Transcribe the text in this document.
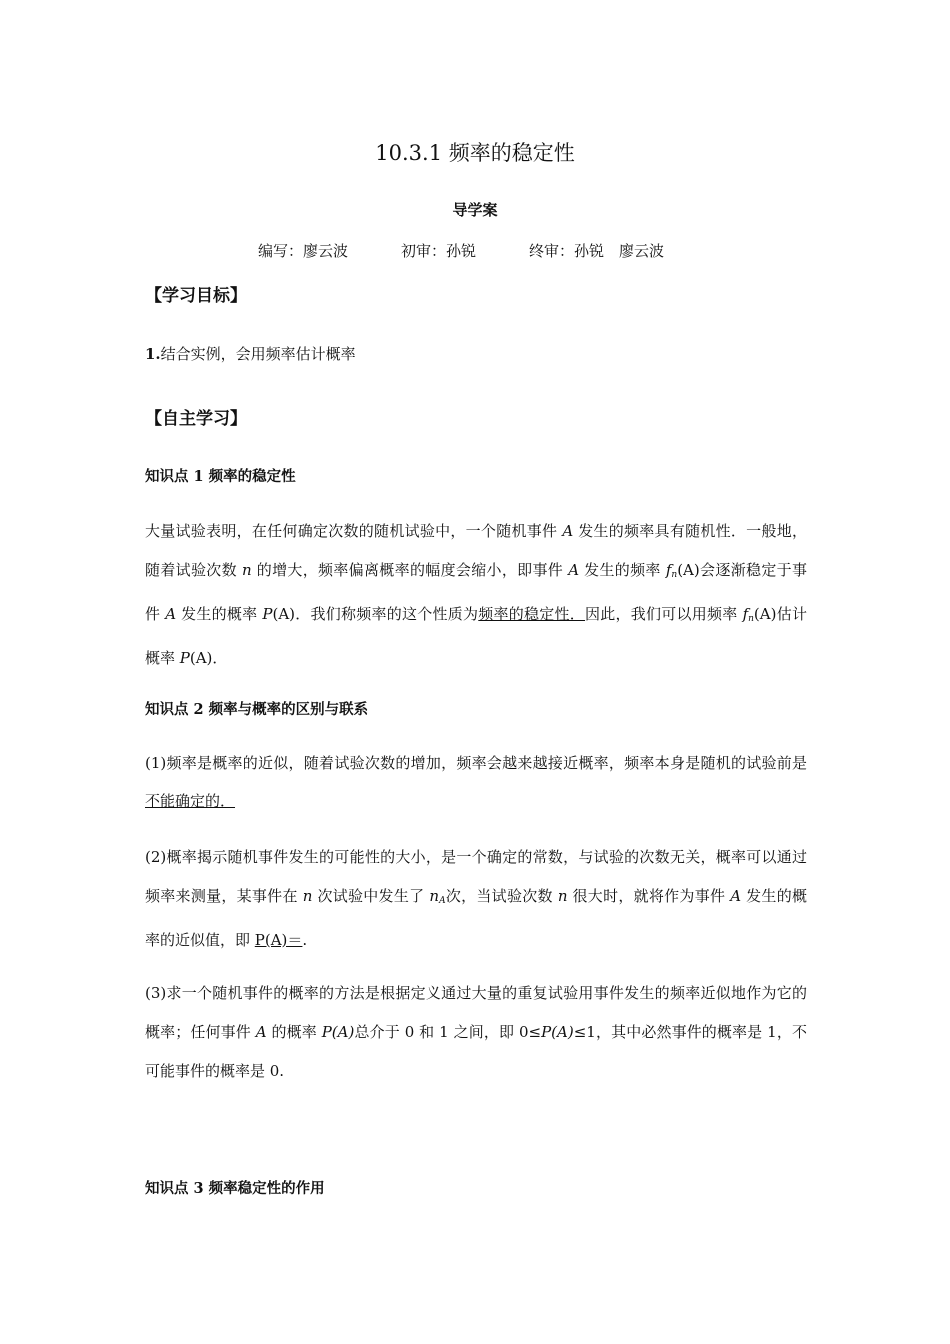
10.3.1 频率的稳定性
导学案
编写：廖云波	初审：孙锐	终审：孙锐　廖云波
【学习目标】
1.结合实例，会用频率估计概率
【自主学习】
知识点 1 频率的稳定性
大量试验表明，在任何确定次数的随机试验中，一个随机事件 A 发生的频率具有随机性．一般地，随着试验次数 n 的增大，频率偏离概率的幅度会缩小，即事件 A 发生的频率 $f_n(A)$会逐渐稳定于事件 A 发生的概率 P(A)．我们称频率的这个性质为频率的稳定性．因此，我们可以用频率 $f_n(A)$估计概率 P(A)．
知识点 2 频率与概率的区别与联系
(1)频率是概率的近似，随着试验次数的增加，频率会越来越接近概率，频率本身是随机的试验前是不能确定的．
(2)概率揭示随机事件发生的可能性的大小，是一个确定的常数，与试验的次数无关，概率可以通过频率来测量，某事件在 n 次试验中发生了 $n_A$次，当试验次数 n 很大时，就将作为事件 A 发生的概率的近似值，即 P(A)＝.
(3)求一个随机事件的概率的方法是根据定义通过大量的重复试验用事件发生的频率近似地作为它的概率；任何事件 A 的概率 P(A)总介于 0 和 1 之间，即 0≤P(A)≤1，其中必然事件的概率是 1，不可能事件的概率是 0.
知识点 3 频率稳定性的作用
